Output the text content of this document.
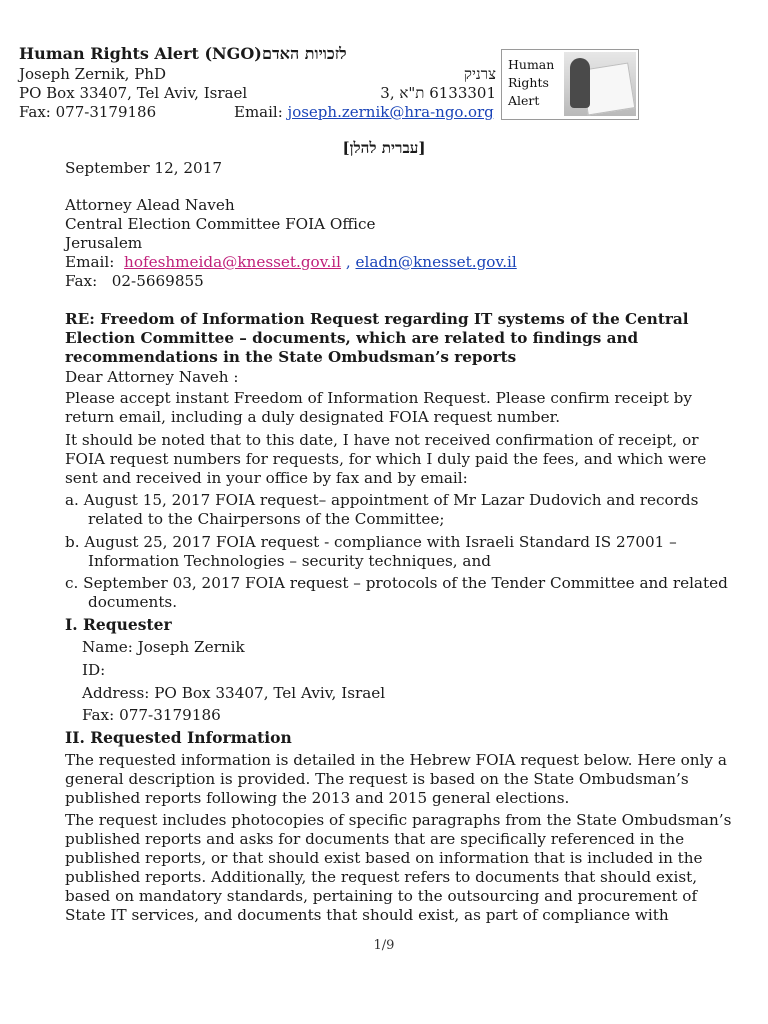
Human Rights Alert (NGO) לזכויות האדם
Joseph Zernik, PhD	צרניק
PO Box 33407, Tel Aviv, Israel	6133301 ת"א ,3
Fax: 077-3179186	Email: joseph.zernik@hra-ngo.org
Human
Rights
Alert
[עברית להלן]
September 12, 2017
Attorney Alead Naveh
Central Election Committee FOIA Office
Jerusalem
Email: hofeshmeida@knesset.gov.il , eladn@knesset.gov.il
Fax: 02-5669855
RE: Freedom of Information Request regarding IT systems of the Central
Election Committee – documents, which are related to findings and
recommendations in the State Ombudsman’s reports
Dear Attorney Naveh :
Please accept instant Freedom of Information Request. Please confirm receipt by
return email, including a duly designated FOIA request number.
It should be noted that to this date, I have not received confirmation of receipt, or
FOIA request numbers for requests, for which I duly paid the fees, and which were
sent and received in your office by fax and by email:
a. August 15, 2017 FOIA request– appointment of Mr Lazar Dudovich and records
related to the Chairpersons of the Committee;
b. August 25, 2017 FOIA request - compliance with Israeli Standard IS 27001 –
Information Technologies – security techniques, and
c. September 03, 2017 FOIA request – protocols of the Tender Committee and related
documents.
I. Requester
Name: Joseph Zernik
ID:
Address: PO Box 33407, Tel Aviv, Israel
Fax: 077-3179186
II. Requested Information
The requested information is detailed in the Hebrew FOIA request below. Here only a
general description is provided. The request is based on the State Ombudsman’s
published reports following the 2013 and 2015 general elections.
The request includes photocopies of specific paragraphs from the State Ombudsman’s
published reports and asks for documents that are specifically referenced in the
published reports, or that should exist based on information that is included in the
published reports. Additionally, the request refers to documents that should exist,
based on mandatory standards, pertaining to the outsourcing and procurement of
State IT services, and documents that should exist, as part of compliance with
1/9
